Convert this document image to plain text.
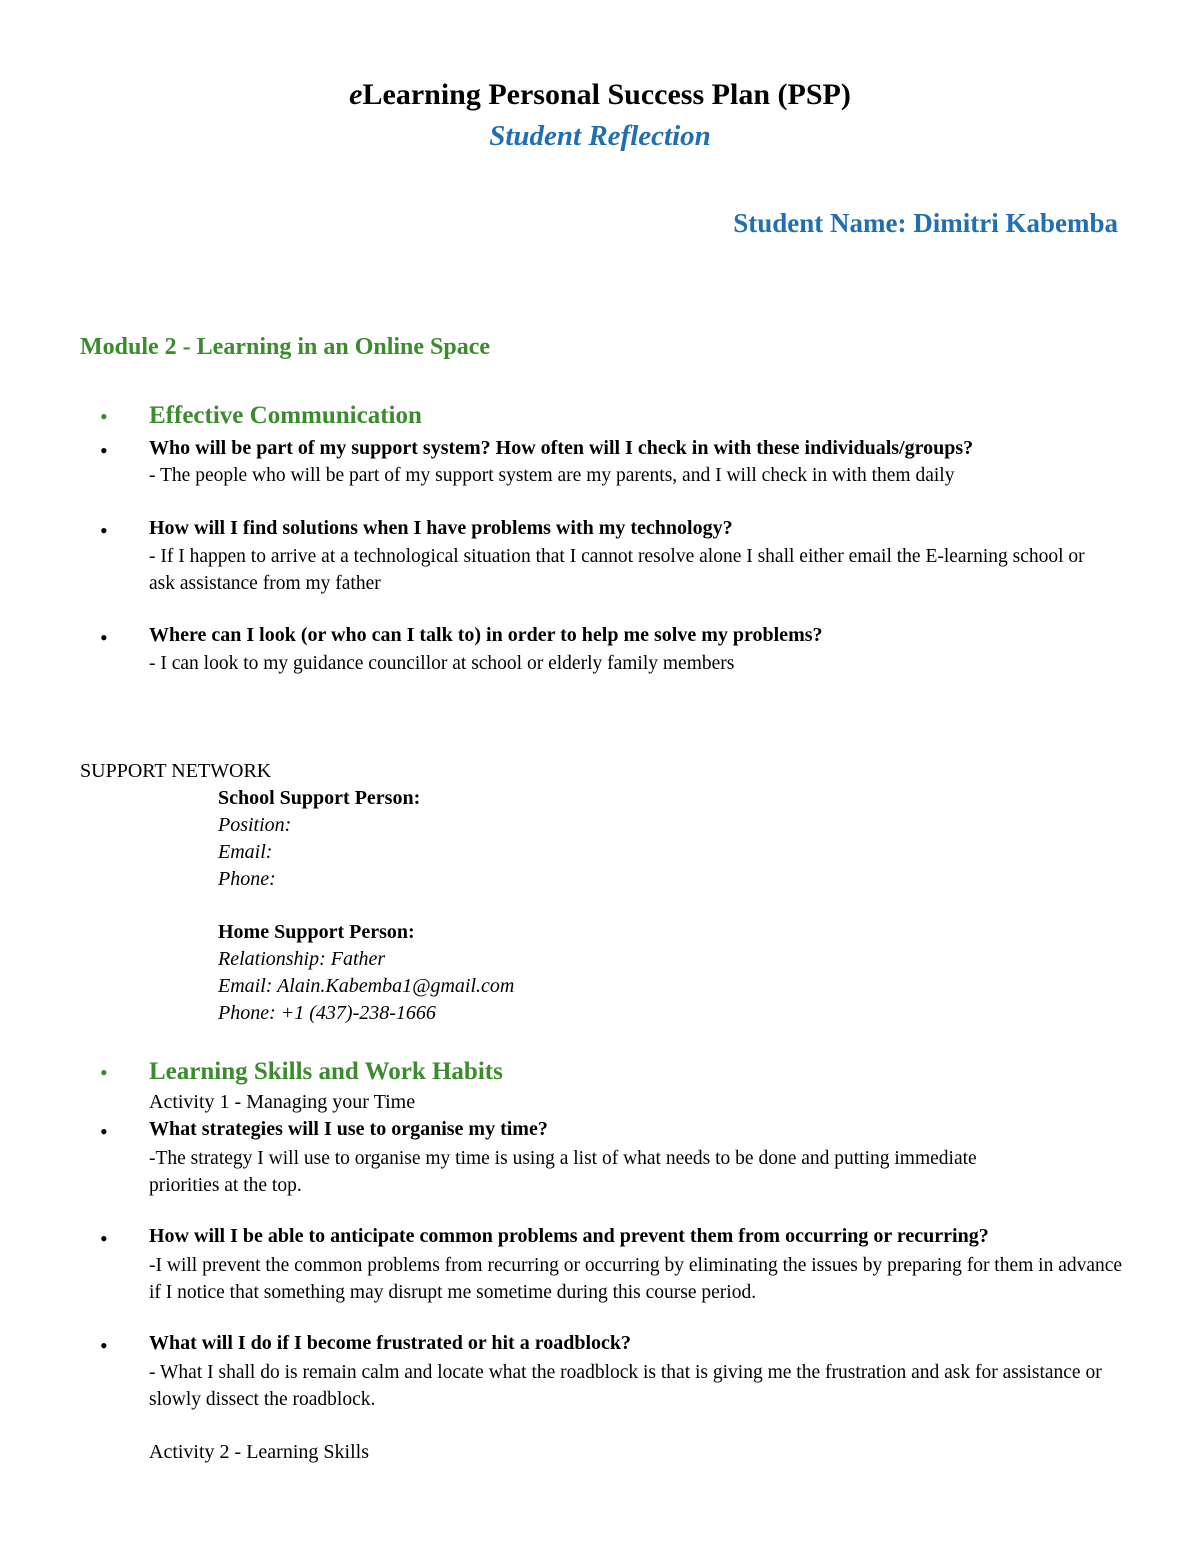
eLearning Personal Success Plan (PSP)
Student Reflection
Student Name: Dimitri Kabemba
Module 2 - Learning in an Online Space
• Effective Communication
• Who will be part of my support system? How often will I check in with these individuals/groups?
- The people who will be part of my support system are my parents, and I will check in with them daily
• How will I find solutions when I have problems with my technology?
- If I happen to arrive at a technological situation that I cannot resolve alone I shall either email the E-learning school or ask assistance from my father
• Where can I look (or who can I talk to) in order to help me solve my problems?
- I can look to my guidance councillor at school or elderly family members
SUPPORT NETWORK
School Support Person:
Position:
Email:
Phone:
Home Support Person:
Relationship: Father
Email: Alain.Kabemba1@gmail.com
Phone: +1 (437)-238-1666
• Learning Skills and Work Habits
Activity 1 - Managing your Time
• What strategies will I use to organise my time?
-The strategy I will use to organise my time is using a list of what needs to be done and putting immediate priorities at the top.
• How will I be able to anticipate common problems and prevent them from occurring or recurring?
-I will prevent the common problems from recurring or occurring by eliminating the issues by preparing for them in advance if I notice that something may disrupt me sometime during this course period.
• What will I do if I become frustrated or hit a roadblock?
- What I shall do is remain calm and locate what the roadblock is that is giving me the frustration and ask for assistance or slowly dissect the roadblock.
Activity 2 - Learning Skills
